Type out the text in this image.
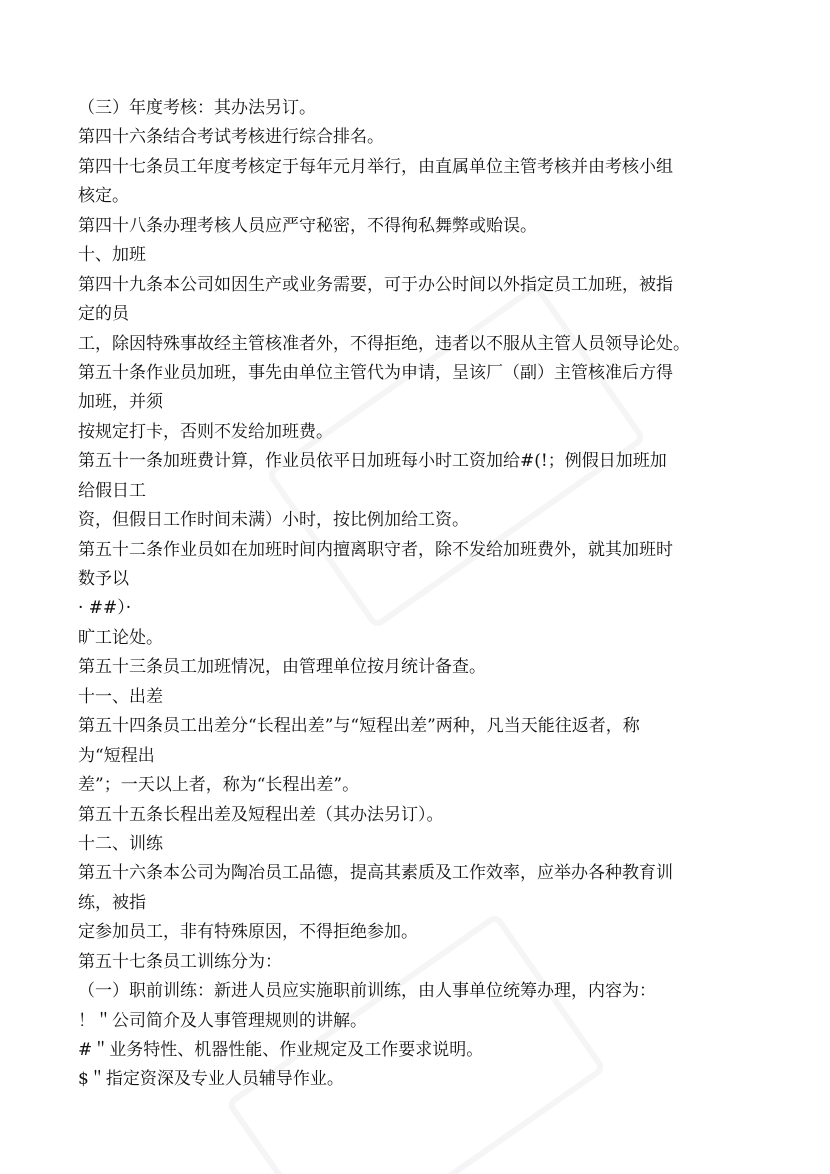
（三）年度考核：其办法另订。
第四十六条结合考试考核进行综合排名。
第四十七条员工年度考核定于每年元月举行，由直属单位主管考核并由考核小组
核定。
第四十八条办理考核人员应严守秘密，不得徇私舞弊或贻误。
十、加班
第四十九条本公司如因生产或业务需要，可于办公时间以外指定员工加班，被指
定的员
工，除因特殊事故经主管核准者外，不得拒绝，违者以不服从主管人员领导论处。
第五十条作业员加班，事先由单位主管代为申请，呈该厂（副）主管核准后方得
加班，并须
按规定打卡，否则不发给加班费。
第五十一条加班费计算，作业员依平日加班每小时工资加给#(!；例假日加班加
给假日工
资，但假日工作时间未满）小时，按比例加给工资。
第五十二条作业员如在加班时间内擅离职守者，除不发给加班费外，就其加班时
数予以
· ##）·
旷工论处。
第五十三条员工加班情况，由管理单位按月统计备查。
十一、出差
第五十四条员工出差分“长程出差”与“短程出差”两种，凡当天能往返者，称
为“短程出
差”；一天以上者，称为“长程出差”。
第五十五条长程出差及短程出差（其办法另订）。
十二、训练
第五十六条本公司为陶冶员工品德，提高其素质及工作效率，应举办各种教育训
练，被指
定参加员工，非有特殊原因，不得拒绝参加。
第五十七条员工训练分为：
（一）职前训练：新进人员应实施职前训练，由人事单位统筹办理，内容为：
！＂公司简介及人事管理规则的讲解。
#＂业务特性、机器性能、作业规定及工作要求说明。
$＂指定资深及专业人员辅导作业。
